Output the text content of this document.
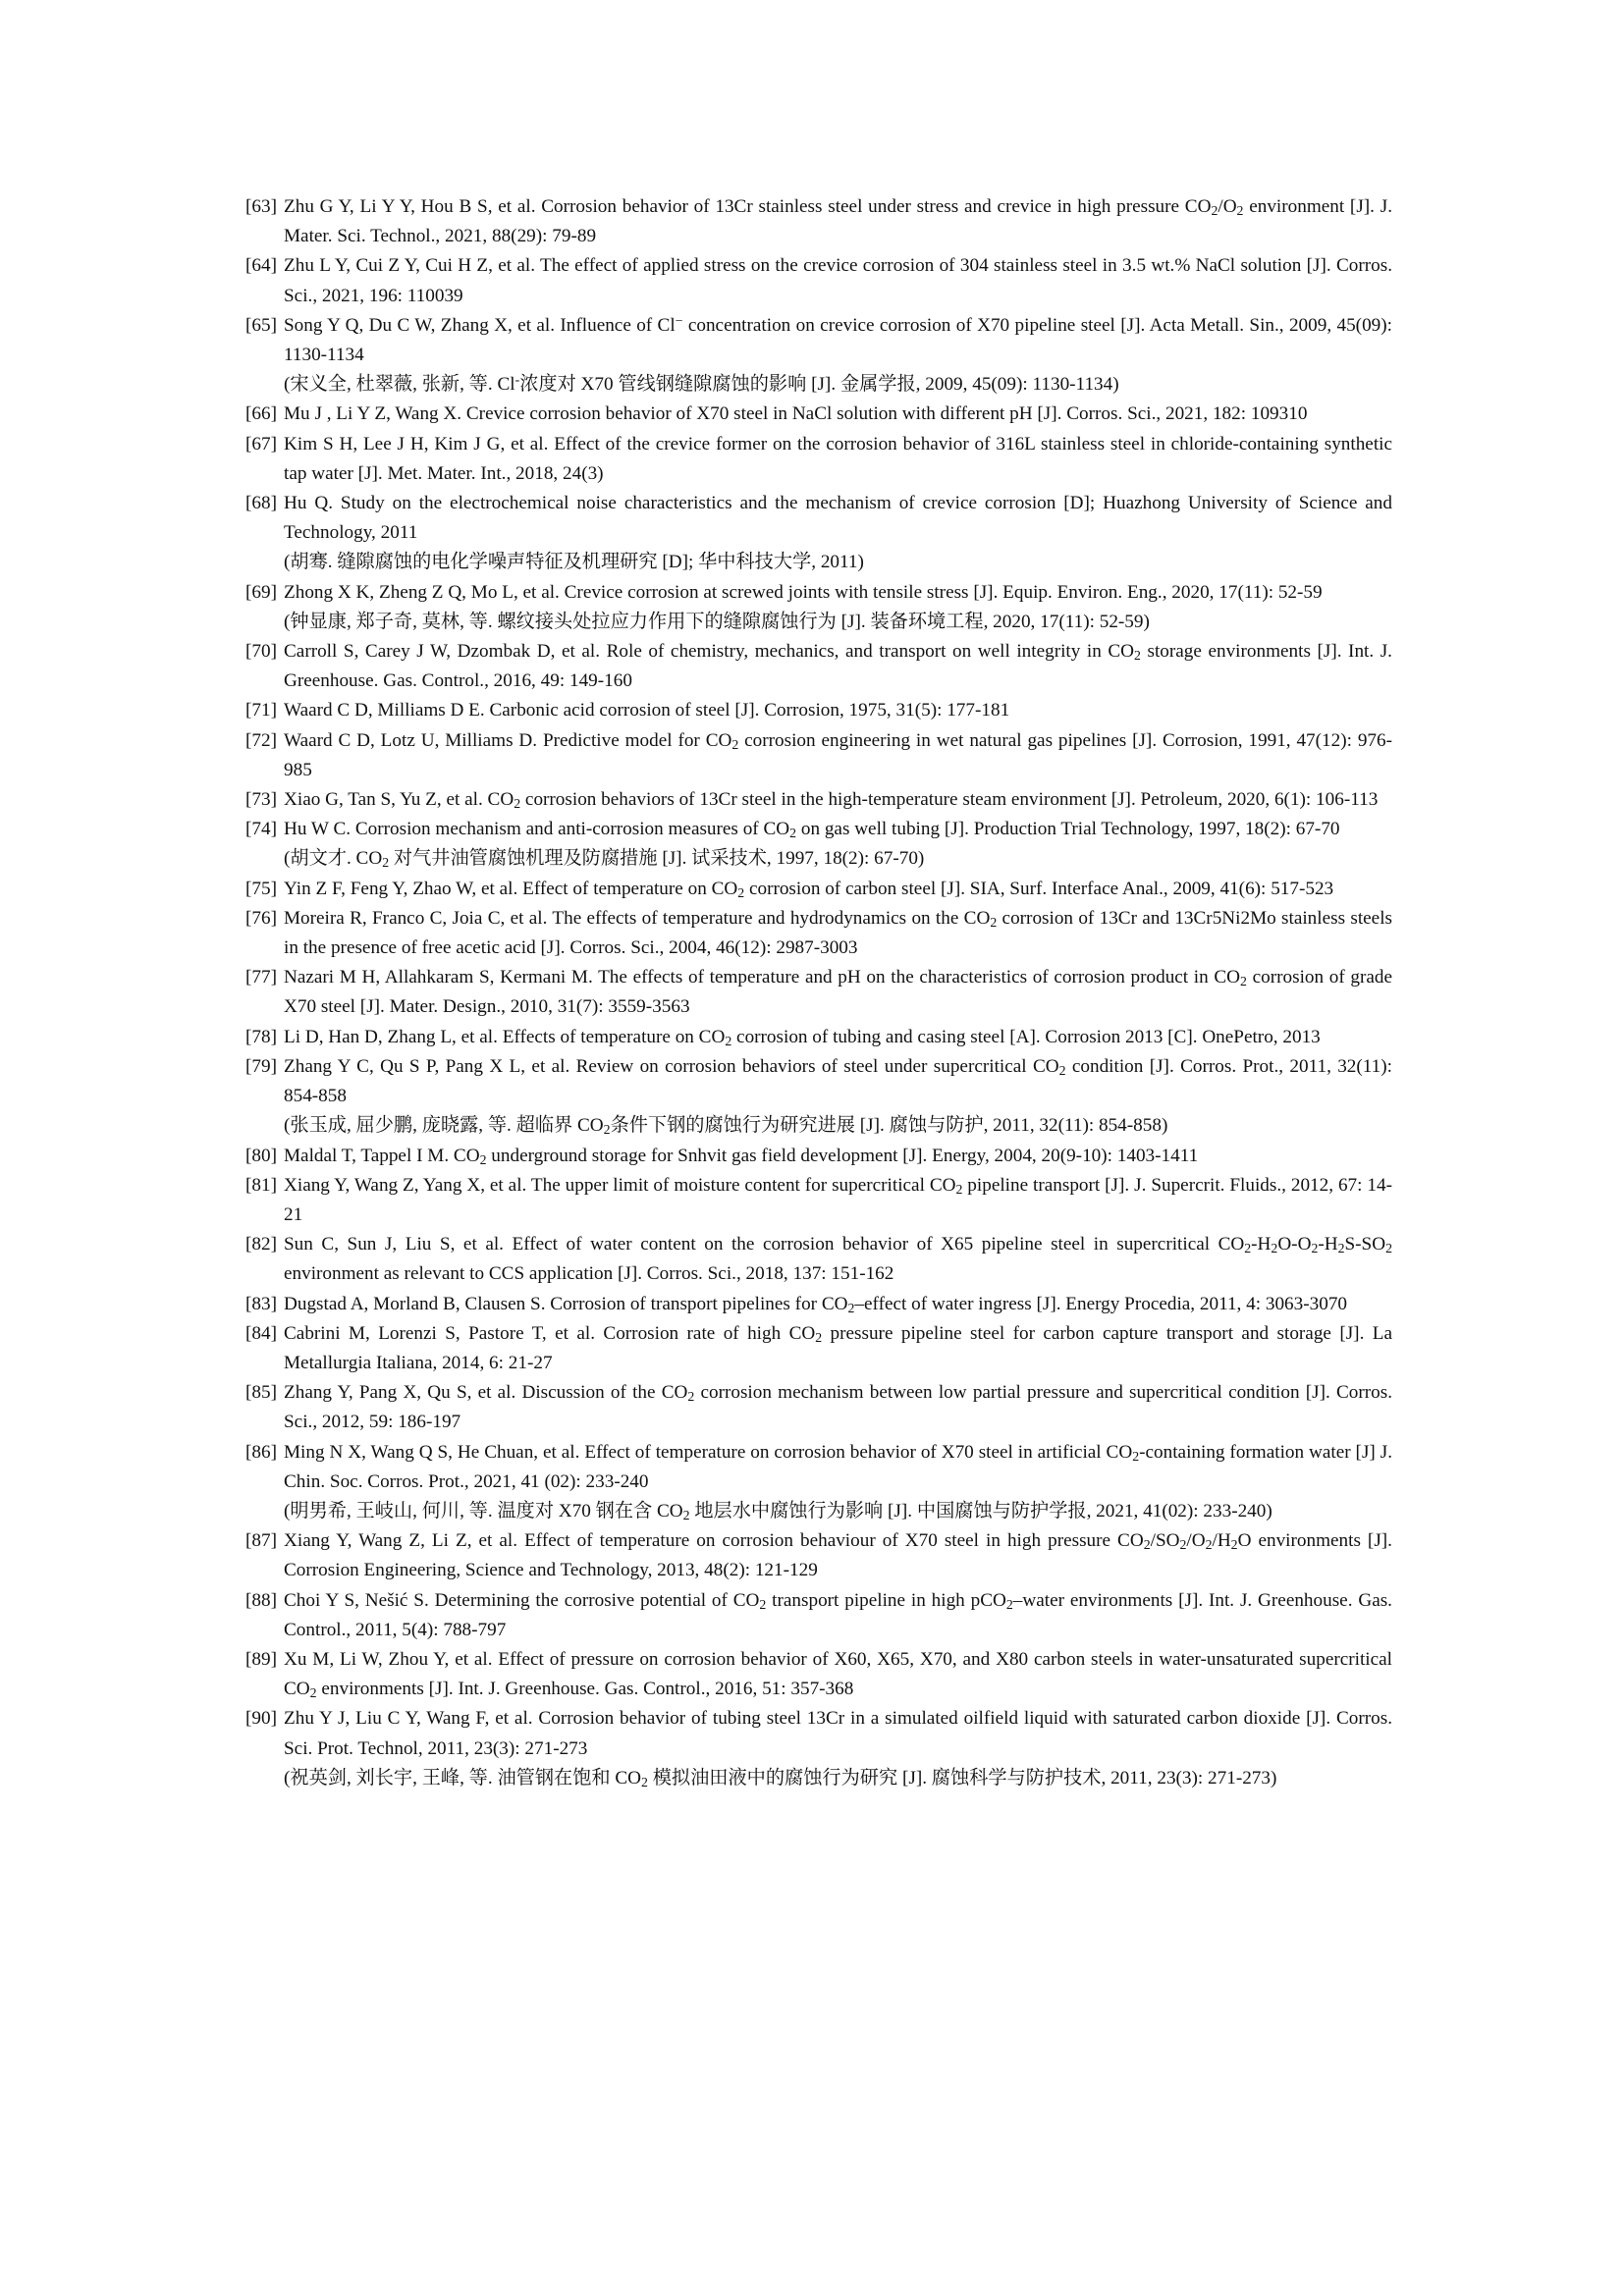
[63] Zhu G Y, Li Y Y, Hou B S, et al. Corrosion behavior of 13Cr stainless steel under stress and crevice in high pressure $CO_2/O_2$ environment [J]. J. Mater. Sci. Technol., 2021, 88(29): 79-89
[64] Zhu L Y, Cui Z Y, Cui H Z, et al. The effect of applied stress on the crevice corrosion of 304 stainless steel in 3.5 wt.% NaCl solution [J]. Corros. Sci., 2021, 196: 110039
[65] Song Y Q, Du C W, Zhang X, et al. Influence of Cl− concentration on crevice corrosion of X70 pipeline steel [J]. Acta Metall. Sin., 2009, 45(09): 1130-1134
(宋义全, 杜翠薇, 张新, 等. Cl-浓度对 X70 管线钢缝隙腐蚀的影响 [J]. 金属学报, 2009, 45(09): 1130-1134)
[66] Mu J , Li Y Z, Wang X. Crevice corrosion behavior of X70 steel in NaCl solution with different pH [J]. Corros. Sci., 2021, 182: 109310
[67] Kim S H, Lee J H, Kim J G, et al. Effect of the crevice former on the corrosion behavior of 316L stainless steel in chloride-containing synthetic tap water [J]. Met. Mater. Int., 2018, 24(3)
[68] Hu Q. Study on the electrochemical noise characteristics and the mechanism of crevice corrosion [D]; Huazhong University of Science and Technology, 2011
(胡骞. 缝隙腐蚀的电化学噪声特征及机理研究 [D]; 华中科技大学, 2011)
[69] Zhong X K, Zheng Z Q, Mo L, et al. Crevice corrosion at screwed joints with tensile stress [J]. Equip. Environ. Eng., 2020, 17(11): 52-59
(钟显康, 郑子奇, 莫林, 等. 螺纹接头处拉应力作用下的缝隙腐蚀行为 [J]. 装备环境工程, 2020, 17(11): 52-59)
[70] Carroll S, Carey J W, Dzombak D, et al. Role of chemistry, mechanics, and transport on well integrity in $CO_2$ storage environments [J]. Int. J. Greenhouse. Gas. Control., 2016, 49: 149-160
[71] Waard C D, Milliams D E. Carbonic acid corrosion of steel [J]. Corrosion, 1975, 31(5): 177-181
[72] Waard C D, Lotz U, Milliams D. Predictive model for $CO_2$ corrosion engineering in wet natural gas pipelines [J]. Corrosion, 1991, 47(12): 976-985
[73] Xiao G, Tan S, Yu Z, et al. $CO_2$ corrosion behaviors of 13Cr steel in the high-temperature steam environment [J]. Petroleum, 2020, 6(1): 106-113
[74] Hu W C. Corrosion mechanism and anti-corrosion measures of $CO_2$ on gas well tubing [J]. Production Trial Technology, 1997, 18(2): 67-70
(胡文才. $CO_2$ 对气井油管腐蚀机理及防腐措施 [J]. 试采技术, 1997, 18(2): 67-70)
[75] Yin Z F, Feng Y, Zhao W, et al. Effect of temperature on $CO_2$ corrosion of carbon steel [J]. SIA, Surf. Interface Anal., 2009, 41(6): 517-523
[76] Moreira R, Franco C, Joia C, et al. The effects of temperature and hydrodynamics on the $CO_2$ corrosion of 13Cr and 13Cr5Ni2Mo stainless steels in the presence of free acetic acid [J]. Corros. Sci., 2004, 46(12): 2987-3003
[77] Nazari M H, Allahkaram S, Kermani M. The effects of temperature and pH on the characteristics of corrosion product in $CO_2$ corrosion of grade X70 steel [J]. Mater. Design., 2010, 31(7): 3559-3563
[78] Li D, Han D, Zhang L, et al. Effects of temperature on $CO_2$ corrosion of tubing and casing steel [A]. Corrosion 2013 [C]. OnePetro, 2013
[79] Zhang Y C, Qu S P, Pang X L, et al. Review on corrosion behaviors of steel under supercritical $CO_2$ condition [J]. Corros. Prot., 2011, 32(11): 854-858
(张玉成, 屈少鹏, 庞晓露, 等. 超临界 $CO_2$条件下钢的腐蚀行为研究进展 [J]. 腐蚀与防护, 2011, 32(11): 854-858)
[80] Maldal T, Tappel I M. $CO_2$ underground storage for Snhvit gas field development [J]. Energy, 2004, 20(9-10): 1403-1411
[81] Xiang Y, Wang Z, Yang X, et al. The upper limit of moisture content for supercritical $CO_2$ pipeline transport [J]. J. Supercrit. Fluids., 2012, 67: 14-21
[82] Sun C, Sun J, Liu S, et al. Effect of water content on the corrosion behavior of X65 pipeline steel in supercritical $CO_2-H_2O-O_2-H_2S-SO_2$ environment as relevant to CCS application [J]. Corros. Sci., 2018, 137: 151-162
[83] Dugstad A, Morland B, Clausen S. Corrosion of transport pipelines for $CO_2$–effect of water ingress [J]. Energy Procedia, 2011, 4: 3063-3070
[84] Cabrini M, Lorenzi S, Pastore T, et al. Corrosion rate of high $CO_2$ pressure pipeline steel for carbon capture transport and storage [J]. La Metallurgia Italiana, 2014, 6: 21-27
[85] Zhang Y, Pang X, Qu S, et al. Discussion of the $CO_2$ corrosion mechanism between low partial pressure and supercritical condition [J]. Corros. Sci., 2012, 59: 186-197
[86] Ming N X, Wang Q S, He Chuan, et al. Effect of temperature on corrosion behavior of X70 steel in artificial $CO_2$-containing formation water [J] J. Chin. Soc. Corros. Prot., 2021, 41 (02): 233-240
(明男希, 王岐山, 何川, 等. 温度对 X70 钢在含 $CO_2$ 地层水中腐蚀行为影响 [J]. 中国腐蚀与防护学报, 2021, 41(02): 233-240)
[87] Xiang Y, Wang Z, Li Z, et al. Effect of temperature on corrosion behaviour of X70 steel in high pressure $CO_2/SO_2/O_2/H_2O$ environments [J]. Corrosion Engineering, Science and Technology, 2013, 48(2): 121-129
[88] Choi Y S, Nešić S. Determining the corrosive potential of $CO_2$ transport pipeline in high pCO$_2$–water environments [J]. Int. J. Greenhouse. Gas. Control., 2011, 5(4): 788-797
[89] Xu M, Li W, Zhou Y, et al. Effect of pressure on corrosion behavior of X60, X65, X70, and X80 carbon steels in water-unsaturated supercritical $CO_2$ environments [J]. Int. J. Greenhouse. Gas. Control., 2016, 51: 357-368
[90] Zhu Y J, Liu C Y, Wang F, et al. Corrosion behavior of tubing steel 13Cr in a simulated oilfield liquid with saturated carbon dioxide [J]. Corros. Sci. Prot. Technol, 2011, 23(3): 271-273
(祝英剑, 刘长宇, 王峰, 等. 油管钢在饱和 $CO_2$ 模拟油田液中的腐蚀行为研究 [J]. 腐蚀科学与防护技术, 2011, 23(3): 271-273)
